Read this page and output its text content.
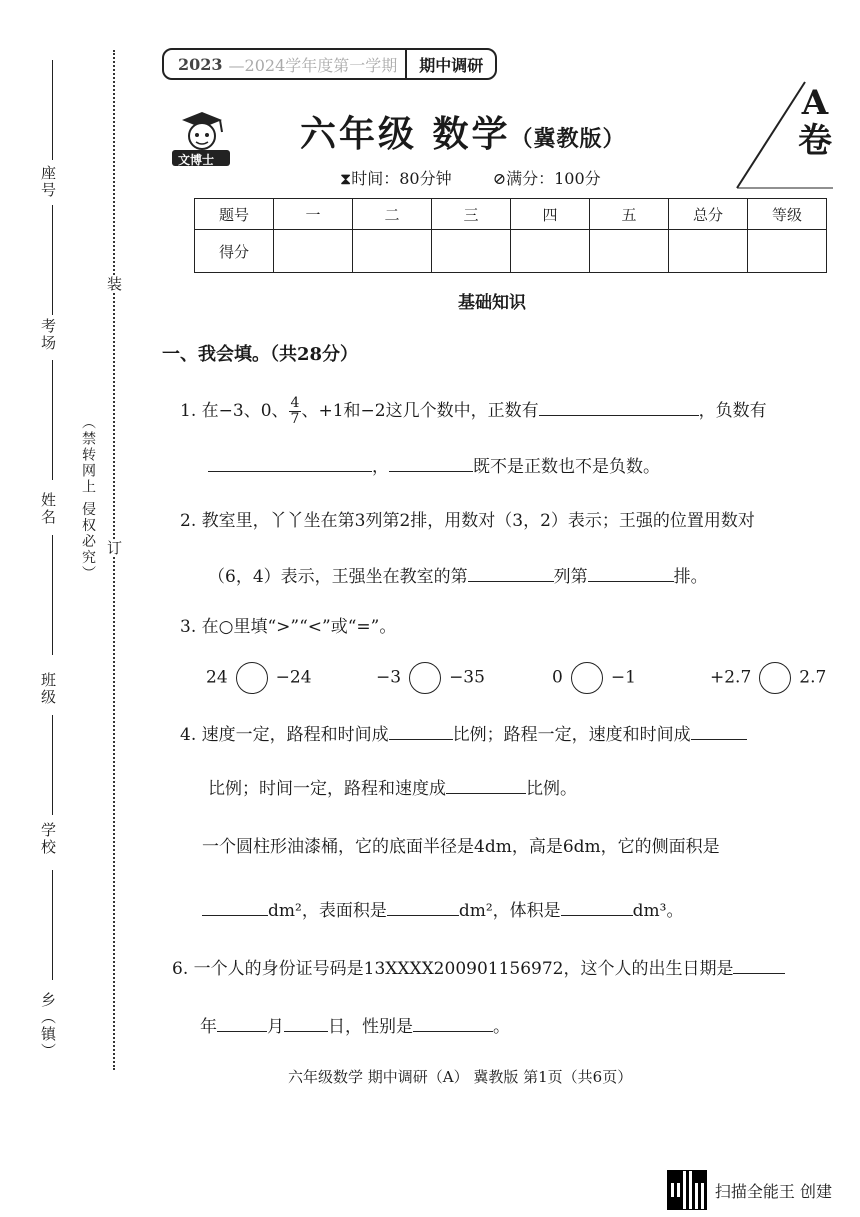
座号
考场
姓名 （禁转网上 侵权必究）
班级
学校
乡（镇）
装
订
2023 —2024学年度第一学期	期中调研
文博士
六年级 数学（冀教版）
⧗时间：80分钟	⊘满分：100分
A
卷
题号	一	二	三	四	五	总分	等级
得分							
基础知识
一、我会填。（共28分）
1. 在−3、0、 $\frac{4}{7}$ 、+1和−2这几个数中，正数有	，负数有
，	既不是正数也不是负数。
2. 教室里，丫丫坐在第3列第2排，用数对（3，2）表示；王强的位置用数对
（6，4）表示，王强坐在教室的第	列第	排。
3. 在○里填“>”“<”或“=”。
24	−24	−3	−35	0	−1	+2.7	2.7
4. 速度一定，路程和时间成	比例；路程一定，速度和时间成
比例；时间一定，路程和速度成	比例。
一个圆柱形油漆桶，它的底面半径是4dm，高是6dm，它的侧面积是
dm²，表面积是	dm²，体积是	dm³。
6. 一个人的身份证号码是13XXXX200901156972，这个人的出生日期是
年	月	日，性别是	。
六年级数学 期中调研（A） 冀教版 第1页（共6页）
扫描全能王 创建
